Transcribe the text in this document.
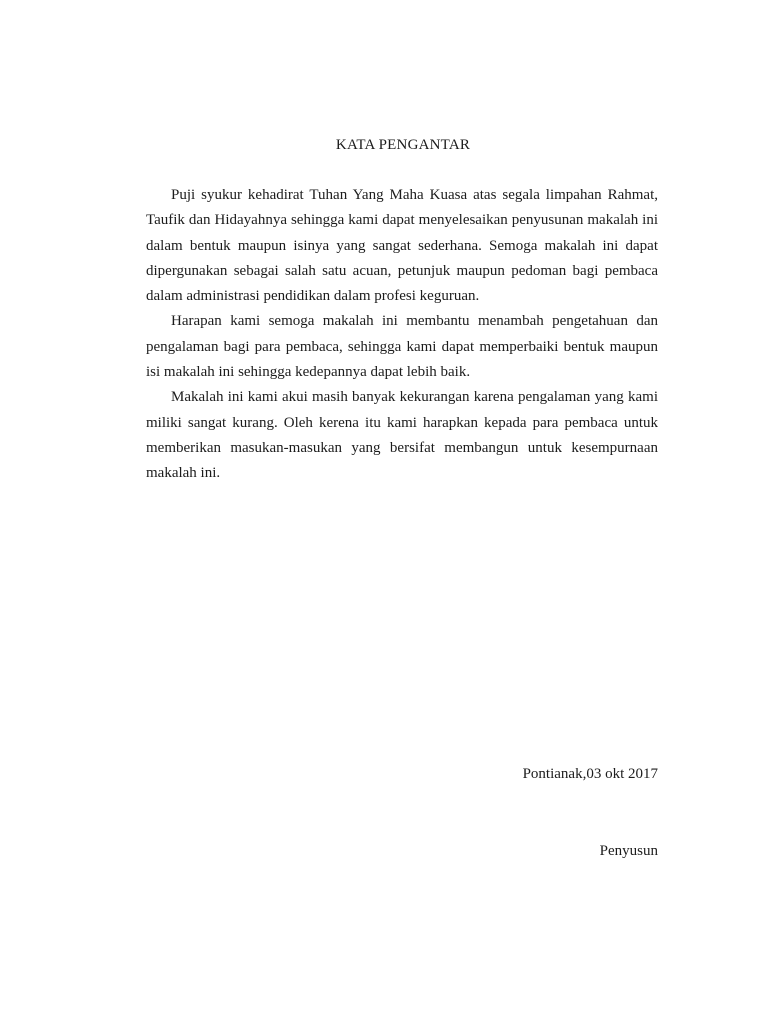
KATA PENGANTAR

Puji syukur kehadirat Tuhan Yang Maha Kuasa atas segala limpahan Rahmat, Taufik dan Hidayahnya sehingga kami dapat menyelesaikan penyusunan makalah ini dalam bentuk maupun isinya yang sangat sederhana. Semoga makalah ini dapat dipergunakan sebagai salah satu acuan, petunjuk maupun pedoman bagi pembaca dalam administrasi pendidikan dalam profesi keguruan.

Harapan kami semoga makalah ini membantu menambah pengetahuan dan pengalaman bagi para pembaca, sehingga kami dapat memperbaiki bentuk maupun isi makalah ini sehingga kedepannya dapat lebih baik.

Makalah ini kami akui masih banyak kekurangan karena pengalaman yang kami miliki sangat kurang. Oleh kerena itu kami harapkan kepada para pembaca untuk memberikan masukan-masukan yang bersifat membangun untuk kesempurnaan makalah ini.

Pontianak,03 okt 2017
Penyusun
